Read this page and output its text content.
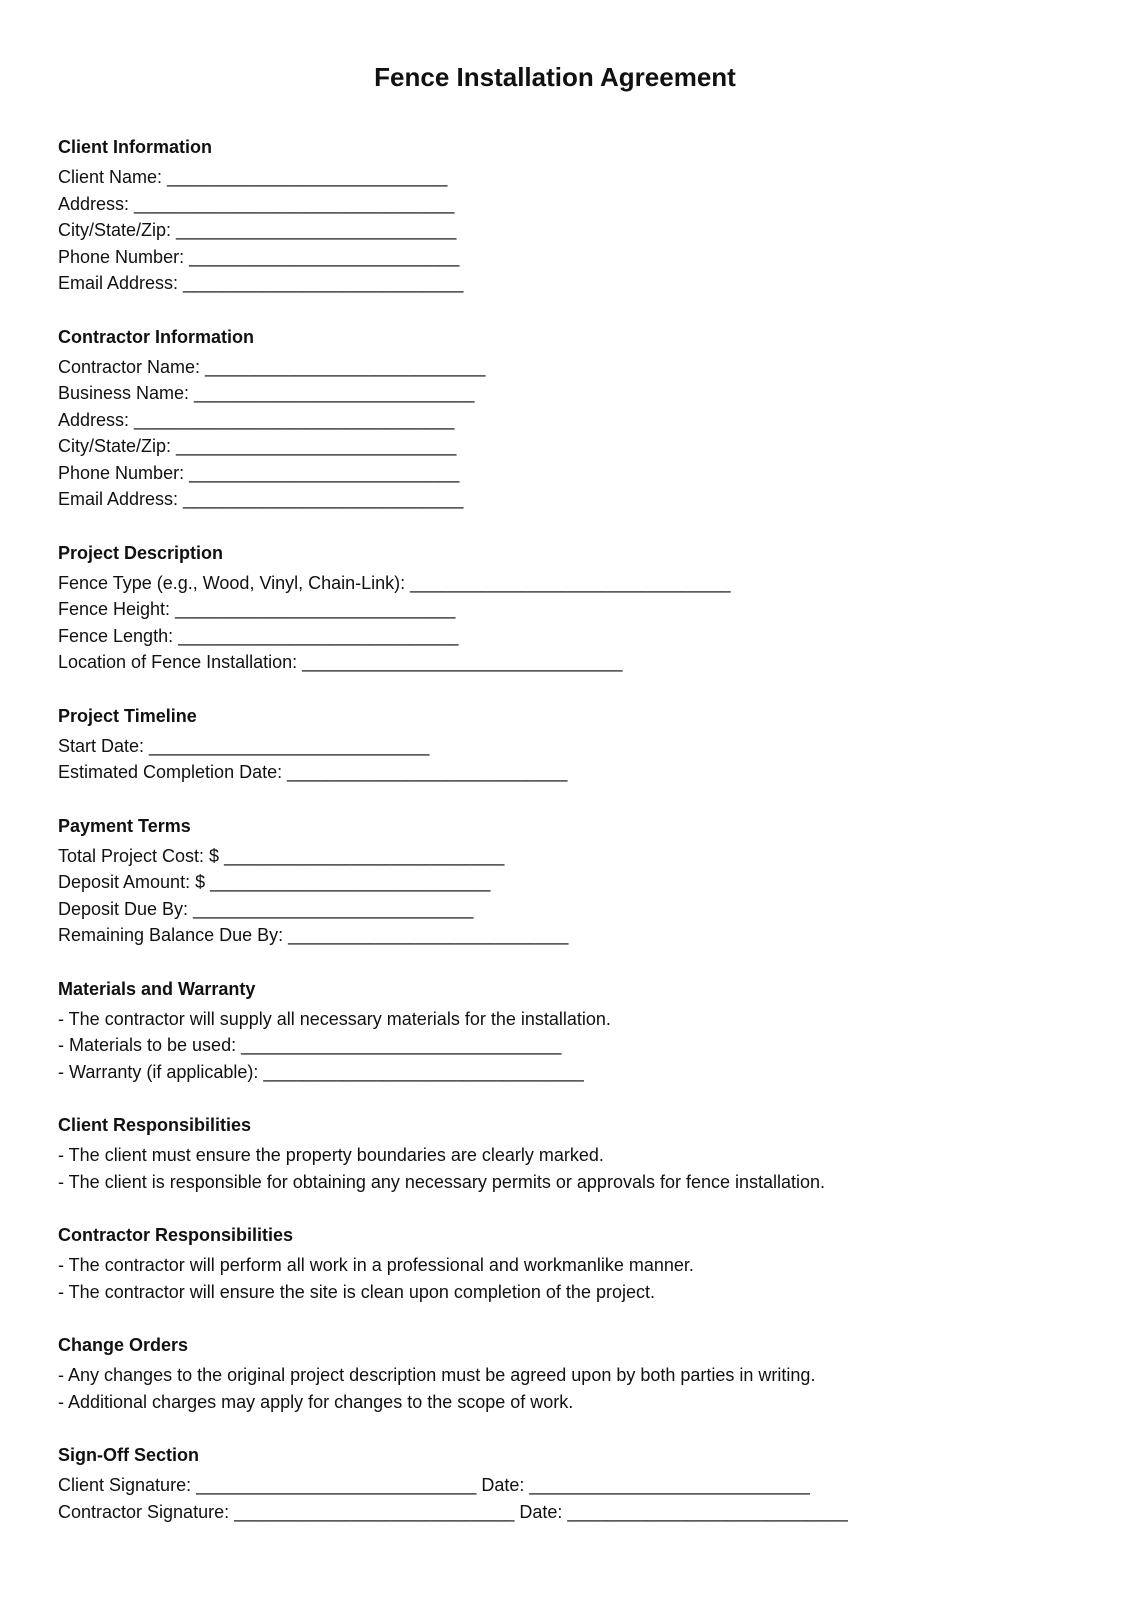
Fence Installation Agreement
Client Information
Client Name: ____________________________
Address: ________________________________
City/State/Zip: ____________________________
Phone Number: ___________________________
Email Address: ____________________________
Contractor Information
Contractor Name: ____________________________
Business Name: ____________________________
Address: ________________________________
City/State/Zip: ____________________________
Phone Number: ___________________________
Email Address: ____________________________
Project Description
Fence Type (e.g., Wood, Vinyl, Chain-Link): ________________________________
Fence Height: ____________________________
Fence Length: ____________________________
Location of Fence Installation: ________________________________
Project Timeline
Start Date: ____________________________
Estimated Completion Date: ____________________________
Payment Terms
Total Project Cost: $ ____________________________
Deposit Amount: $ ____________________________
Deposit Due By: ____________________________
Remaining Balance Due By: ____________________________
Materials and Warranty
- The contractor will supply all necessary materials for the installation.
- Materials to be used: ________________________________
- Warranty (if applicable): ________________________________
Client Responsibilities
- The client must ensure the property boundaries are clearly marked.
- The client is responsible for obtaining any necessary permits or approvals for fence installation.
Contractor Responsibilities
- The contractor will perform all work in a professional and workmanlike manner.
- The contractor will ensure the site is clean upon completion of the project.
Change Orders
- Any changes to the original project description must be agreed upon by both parties in writing.
- Additional charges may apply for changes to the scope of work.
Sign-Off Section
Client Signature: ____________________________ Date: ____________________________
Contractor Signature: ____________________________ Date: ____________________________
